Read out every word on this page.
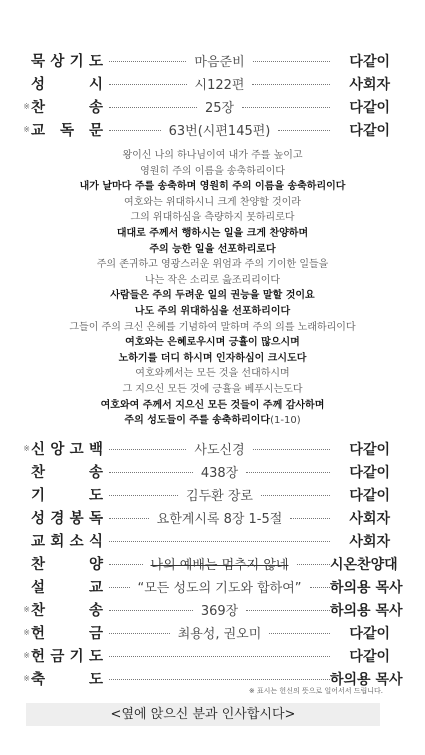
묵 상 기 도	마음준비	다같이
성	시	시122편	사회자
※ 찬	송	25장	다같이
※ 교 독 문	63번(시편145편)	다같이
왕이신 나의 하나님이여 내가 주를 높이고
영원히 주의 이름을 송축하리이다
내가 날마다 주를 송축하며 영원히 주의 이름을 송축하리이다
여호와는 위대하시니 크게 찬양할 것이라
그의 위대하심을 측량하지 못하리로다
대대로 주께서 행하시는 일을 크게 찬양하며
주의 능한 일을 선포하리로다
주의 존귀하고 영광스러운 위엄과 주의 기이한 일들을
나는 작은 소리로 읊조리리이다
사람들은 주의 두려운 일의 권능을 말할 것이요
나도 주의 위대하심을 선포하리이다
그들이 주의 크신 은혜를 기념하여 말하며 주의 의를 노래하리이다
여호와는 은혜로우시며 긍휼이 많으시며
노하기를 더디 하시며 인자하심이 크시도다
여호와께서는 모든 것을 선대하시며
그 지으신 모든 것에 긍휼을 베푸시는도다
여호와여 주께서 지으신 모든 것들이 주께 감사하며
주의 성도들이 주를 송축하리이다(1-10)
※ 신 앙 고 백	사도신경	다같이
찬	송	438장	다같이
기	도	김두환 장로	다같이
성 경 봉 독	요한계시록 8장 1-5절	사회자
교 회 소 식	사회자
찬	양	나의 예배는 멈추지 않네	시온찬양대
설	교	“모든 성도의 기도와 합하여”	하의용 목사
※ 찬	송	369장	하의용 목사
※ 헌	금	최용성, 권오미	다같이
※ 헌 금 기 도	다같이
※ 축	도	하의용 목사
※ 표시는 헌신의 뜻으로 일어서서 드립니다.
<옆에 앉으신 분과 인사합시다>
